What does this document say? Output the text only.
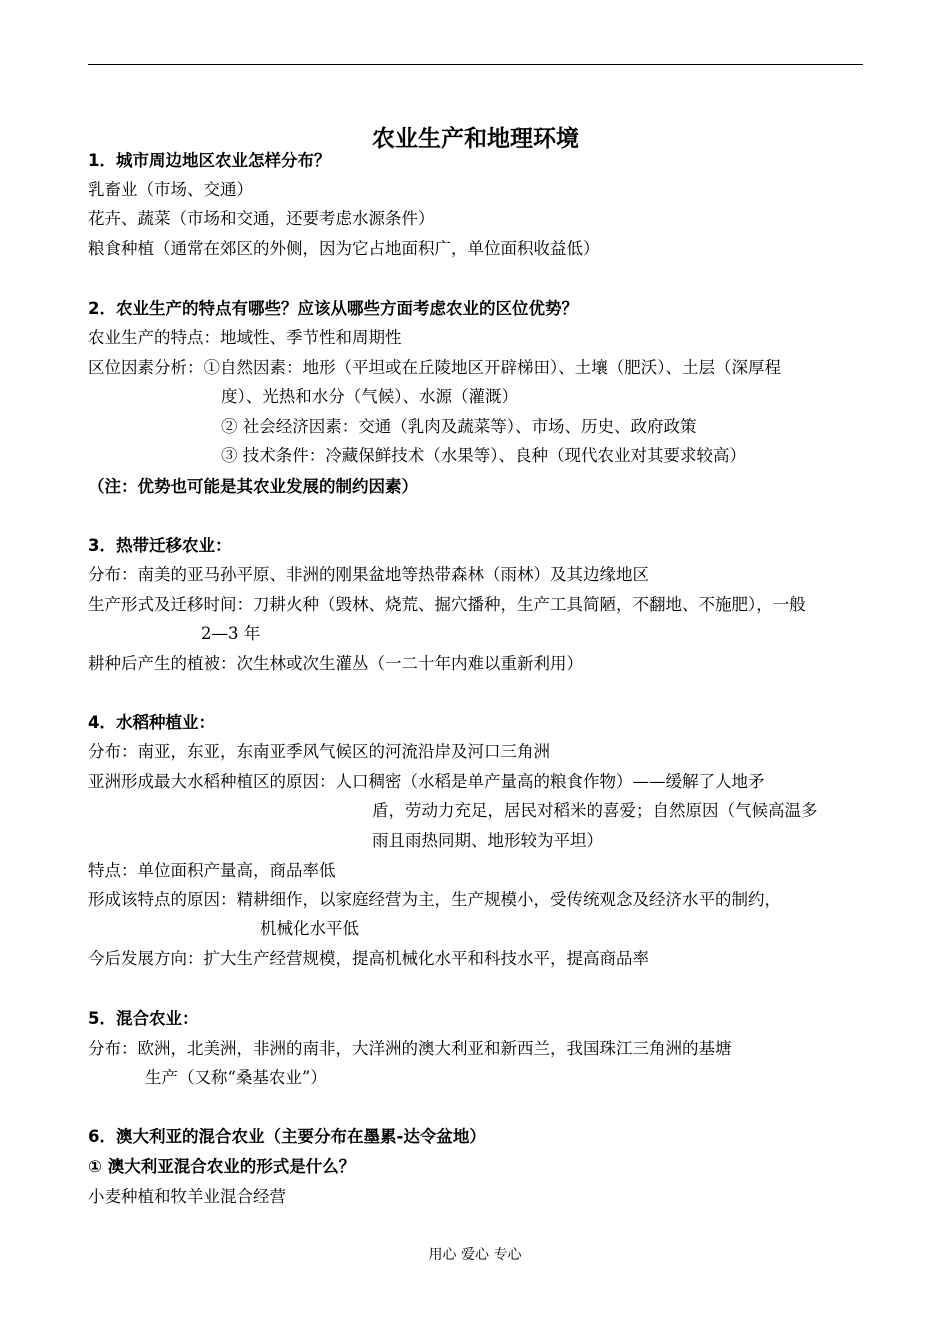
农业生产和地理环境
1．城市周边地区农业怎样分布？
乳畜业（市场、交通）
花卉、蔬菜（市场和交通，还要考虑水源条件）
粮食种植（通常在郊区的外侧，因为它占地面积广，单位面积收益低）
2．农业生产的特点有哪些？应该从哪些方面考虑农业的区位优势？
农业生产的特点：地域性、季节性和周期性
区位因素分析：①自然因素：地形（平坦或在丘陵地区开辟梯田）、土壤（肥沃）、土层（深厚程
度）、光热和水分（气候）、水源（灌溉）
② 社会经济因素：交通（乳肉及蔬菜等）、市场、历史、政府政策
③ 技术条件：冷藏保鲜技术（水果等）、良种（现代农业对其要求较高）
（注：优势也可能是其农业发展的制约因素）
3．热带迁移农业：
分布：南美的亚马孙平原、非洲的刚果盆地等热带森林（雨林）及其边缘地区
生产形式及迁移时间：刀耕火种（毁林、烧荒、掘穴播种，生产工具简陋，不翻地、不施肥），一般
2—3 年
耕种后产生的植被：次生林或次生灌丛（一二十年内难以重新利用）
4．水稻种植业：
分布：南亚，东亚，东南亚季风气候区的河流沿岸及河口三角洲
亚洲形成最大水稻种植区的原因：人口稠密（水稻是单产量高的粮食作物）——缓解了人地矛
盾，劳动力充足，居民对稻米的喜爱；自然原因（气候高温多
雨且雨热同期、地形较为平坦）
特点：单位面积产量高，商品率低
形成该特点的原因：精耕细作，以家庭经营为主，生产规模小，受传统观念及经济水平的制约，
机械化水平低
今后发展方向：扩大生产经营规模，提高机械化水平和科技水平，提高商品率
5．混合农业：
分布：欧洲，北美洲，非洲的南非，大洋洲的澳大利亚和新西兰，我国珠江三角洲的基塘
生产（又称“桑基农业”）
6．澳大利亚的混合农业（主要分布在墨累-达令盆地）
① 澳大利亚混合农业的形式是什么？
小麦种植和牧羊业混合经营
用心 爱心 专心
